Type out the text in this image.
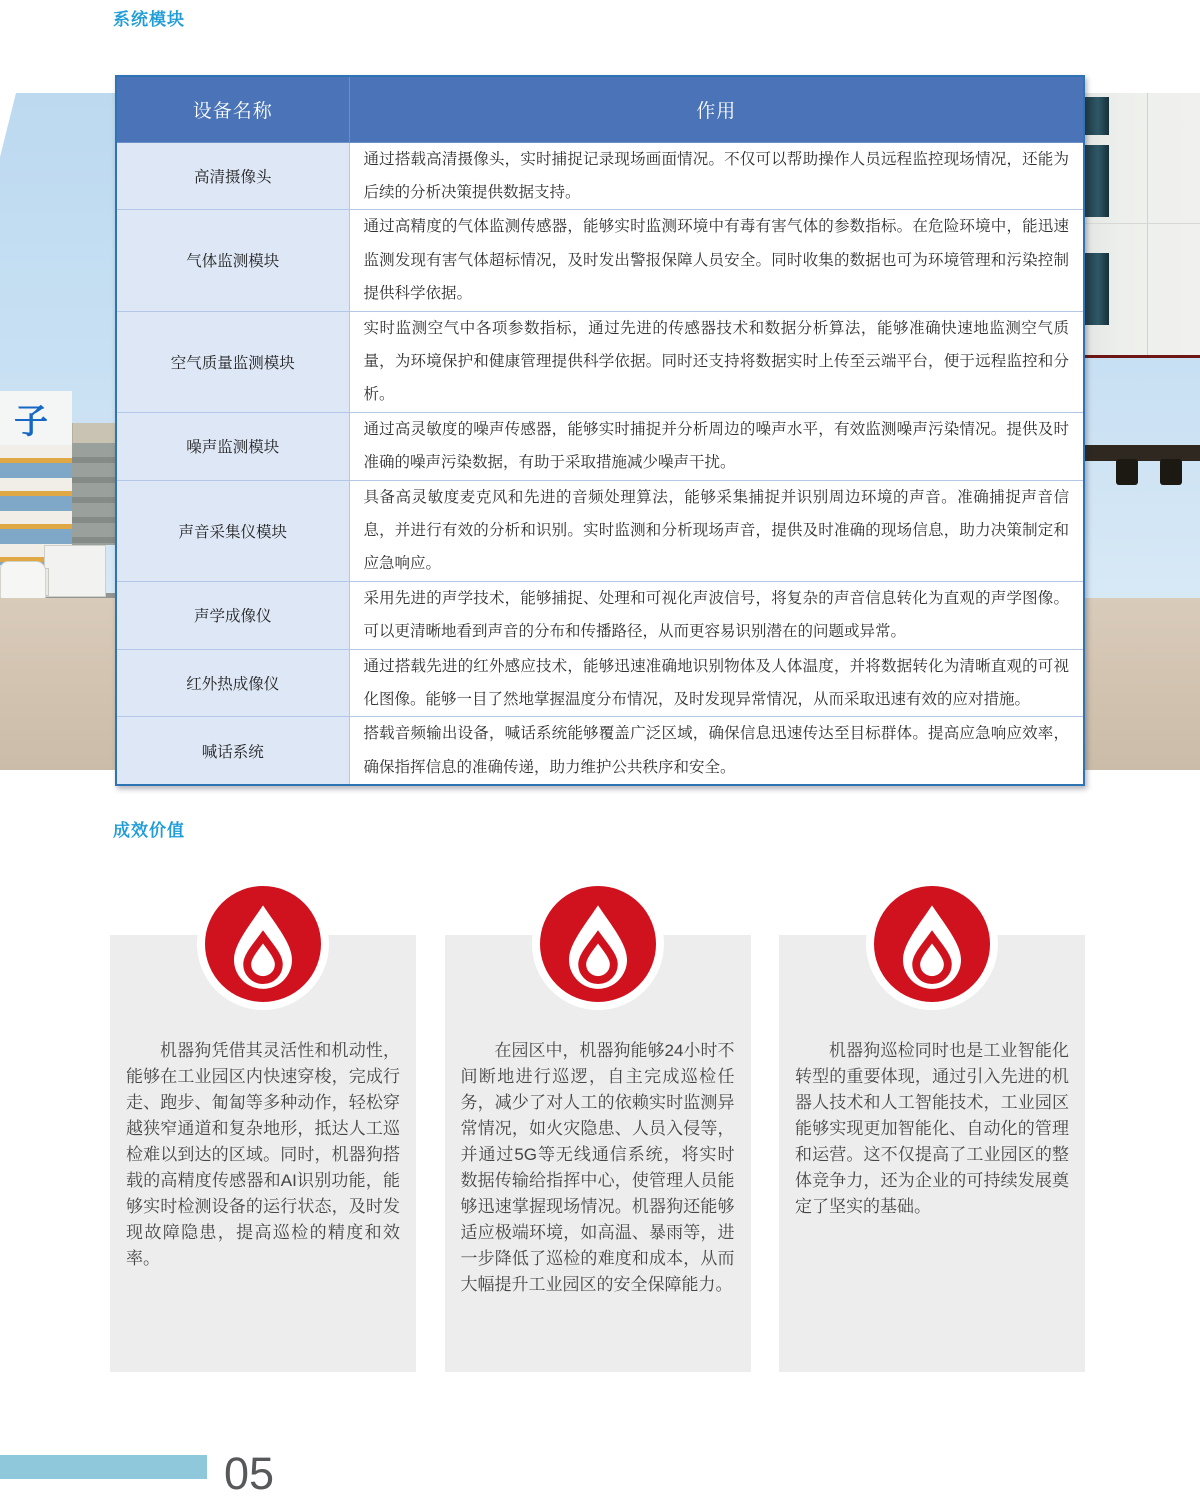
系统模块
子
设备名称	作用
高清摄像头	通过搭载高清摄像头，实时捕捉记录现场画面情况。不仅可以帮助操作人员远程监控现场情况，还能为后续的分析决策提供数据支持。
气体监测模块	通过高精度的气体监测传感器，能够实时监测环境中有毒有害气体的参数指标。在危险环境中，能迅速监测发现有害气体超标情况，及时发出警报保障人员安全。同时收集的数据也可为环境管理和污染控制提供科学依据。
空气质量监测模块	实时监测空气中各项参数指标，通过先进的传感器技术和数据分析算法，能够准确快速地监测空气质量，为环境保护和健康管理提供科学依据。同时还支持将数据实时上传至云端平台，便于远程监控和分析。
噪声监测模块	通过高灵敏度的噪声传感器，能够实时捕捉并分析周边的噪声水平，有效监测噪声污染情况。提供及时准确的噪声污染数据，有助于采取措施减少噪声干扰。
声音采集仪模块	具备高灵敏度麦克风和先进的音频处理算法，能够采集捕捉并识别周边环境的声音。准确捕捉声音信息，并进行有效的分析和识别。实时监测和分析现场声音，提供及时准确的现场信息，助力决策制定和应急响应。
声学成像仪	采用先进的声学技术，能够捕捉、处理和可视化声波信号，将复杂的声音信息转化为直观的声学图像。可以更清晰地看到声音的分布和传播路径，从而更容易识别潜在的问题或异常。
红外热成像仪	通过搭载先进的红外感应技术，能够迅速准确地识别物体及人体温度，并将数据转化为清晰直观的可视化图像。能够一目了然地掌握温度分布情况，及时发现异常情况，从而采取迅速有效的应对措施。
喊话系统	搭载音频输出设备，喊话系统能够覆盖广泛区域，确保信息迅速传达至目标群体。提高应急响应效率，确保指挥信息的准确传递，助力维护公共秩序和安全。
成效价值

机器狗凭借其灵活性和机动性，能够在工业园区内快速穿梭，完成行走、跑步、匍匐等多种动作，轻松穿越狭窄通道和复杂地形，抵达人工巡检难以到达的区域。同时，机器狗搭载的高精度传感器和AI识别功能，能够实时检测设备的运行状态，及时发现故障隐患，提高巡检的精度和效率。

在园区中，机器狗能够24小时不间断地进行巡逻，自主完成巡检任务，减少了对人工的依赖实时监测异常情况，如火灾隐患、人员入侵等，并通过5G等无线通信系统，将实时数据传输给指挥中心，使管理人员能够迅速掌握现场情况。机器狗还能够适应极端环境，如高温、暴雨等，进一步降低了巡检的难度和成本，从而大幅提升工业园区的安全保障能力。

机器狗巡检同时也是工业智能化转型的重要体现，通过引入先进的机器人技术和人工智能技术，工业园区能够实现更加智能化、自动化的管理和运营。这不仅提高了工业园区的整体竞争力，还为企业的可持续发展奠定了坚实的基础。

05
